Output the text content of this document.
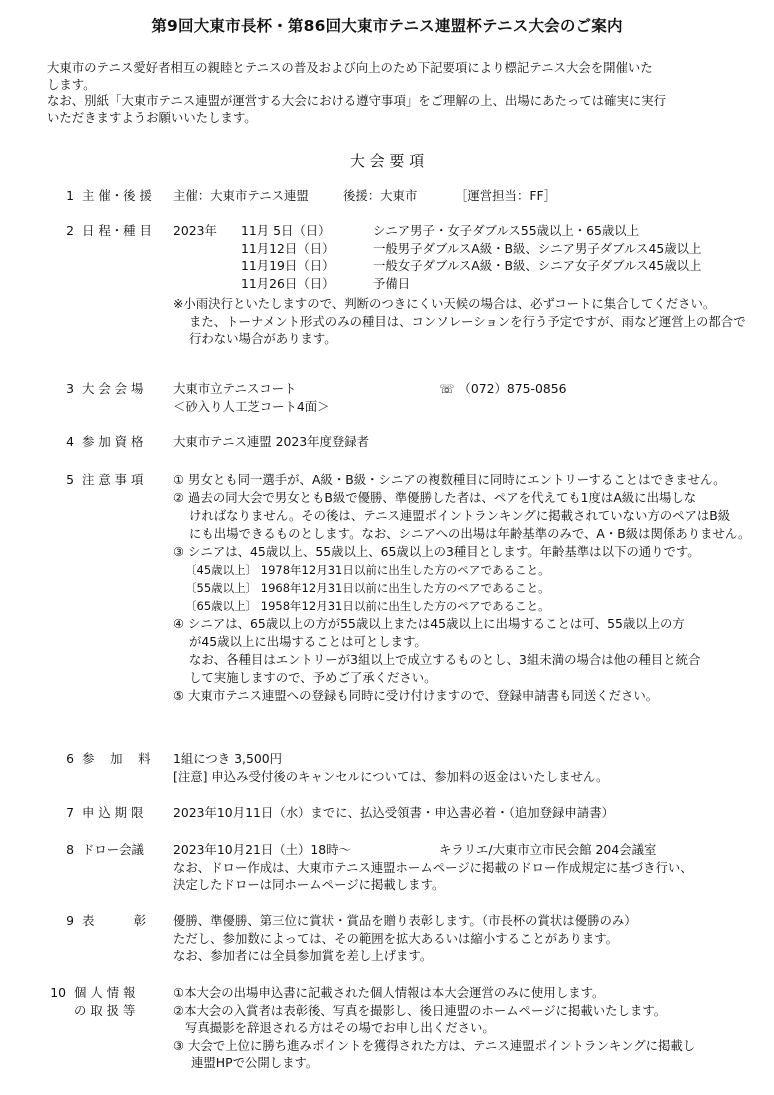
第9回大東市長杯・第86回大東市テニス連盟杯テニス大会のご案内
大東市のテニス愛好者相互の親睦とテニスの普及および向上のため下記要項により標記テニス大会を開催いた
します。
なお、別紙「大東市テニス連盟が運営する大会における遵守事項」をご理解の上、出場にあたっては確実に実行
いただきますようお願いいたします。
大 会 要 項
1 主 催・後 援	主催：大東市テニス連盟	後援：大東市	［運営担当：FF］
2 日 程・種 目	2023年 11月 5日（日）	シニア男子・女子ダブルス55歳以上・65歳以上
11月12日（日）	一般男子ダブルスA級・B級、シニア男子ダブルス45歳以上
11月19日（日）	一般女子ダブルスA級・B級、シニア女子ダブルス45歳以上
11月26日（日）	予備日
※小雨決行といたしますので、判断のつきにくい天候の場合は、必ずコートに集合してください。
また、トーナメント形式のみの種目は、コンソレーションを行う予定ですが、雨など運営上の都合で
行わない場合があります。
3 大 会 会 場	大東市立テニスコート	☏ （072）875-0856
＜砂入り人工芝コート4面＞
4 参 加 資 格	大東市テニス連盟 2023年度登録者
5 注 意 事 項	① 男女とも同一選手が、A級・B級・シニアの複数種目に同時にエントリーすることはできません。
② 過去の同大会で男女ともB級で優勝、準優勝した者は、ペアを代えても1度はA級に出場しな
ければなりません。その後は、テニス連盟ポイントランキングに掲載されていない方のペアはB級
にも出場できるものとします。なお、シニアへの出場は年齢基準のみで、A・B級は関係ありません。
③ シニアは、45歳以上、55歳以上、65歳以上の3種目とします。年齢基準は以下の通りです。
〔45歳以上〕 1978年12月31日以前に出生した方のペアであること。
〔55歳以上〕 1968年12月31日以前に出生した方のペアであること。
〔65歳以上〕 1958年12月31日以前に出生した方のペアであること。
④ シニアは、65歳以上の方が55歳以上または45歳以上に出場することは可、55歳以上の方
が45歳以上に出場することは可とします。
なお、各種目はエントリーが3組以上で成立するものとし、3組未満の場合は他の種目と統合
して実施しますので、予めご了承ください。
⑤ 大東市テニス連盟への登録も同時に受け付けますので、登録申請書も同送ください。
6 参    加    料	1組につき 3,500円
[注意] 申込み受付後のキャンセルについては、参加料の返金はいたしません。
7 申 込 期 限	2023年10月11日（水）までに、払込受領書・申込書必着・（追加登録申請書）
8 ドロー会議	2023年10月21日（土）18時～	キラリエ/大東市立市民会館 204会議室
なお、ドロー作成は、大東市テニス連盟ホームページに掲載のドロー作成規定に基づき行い、
決定したドローは同ホームページに掲載します。
9 表          彰	優勝、準優勝、第三位に賞状・賞品を贈り表彰します。（市長杯の賞状は優勝のみ）
ただし、参加数によっては、その範囲を拡大あるいは縮小することがあります。
なお、参加者には全員参加賞を差し上げます。
10 個 人 情 報
の 取 扱 等
①本大会の出場申込書に記載された個人情報は本大会運営のみに使用します。
②本大会の入賞者は表彰後、写真を撮影し、後日連盟のホームページに掲載いたします。
写真撮影を辞退される方はその場でお申し出ください。
③ 大会で上位に勝ち進みポイントを獲得された方は、テニス連盟ポイントランキングに掲載し
連盟HPで公開します。
